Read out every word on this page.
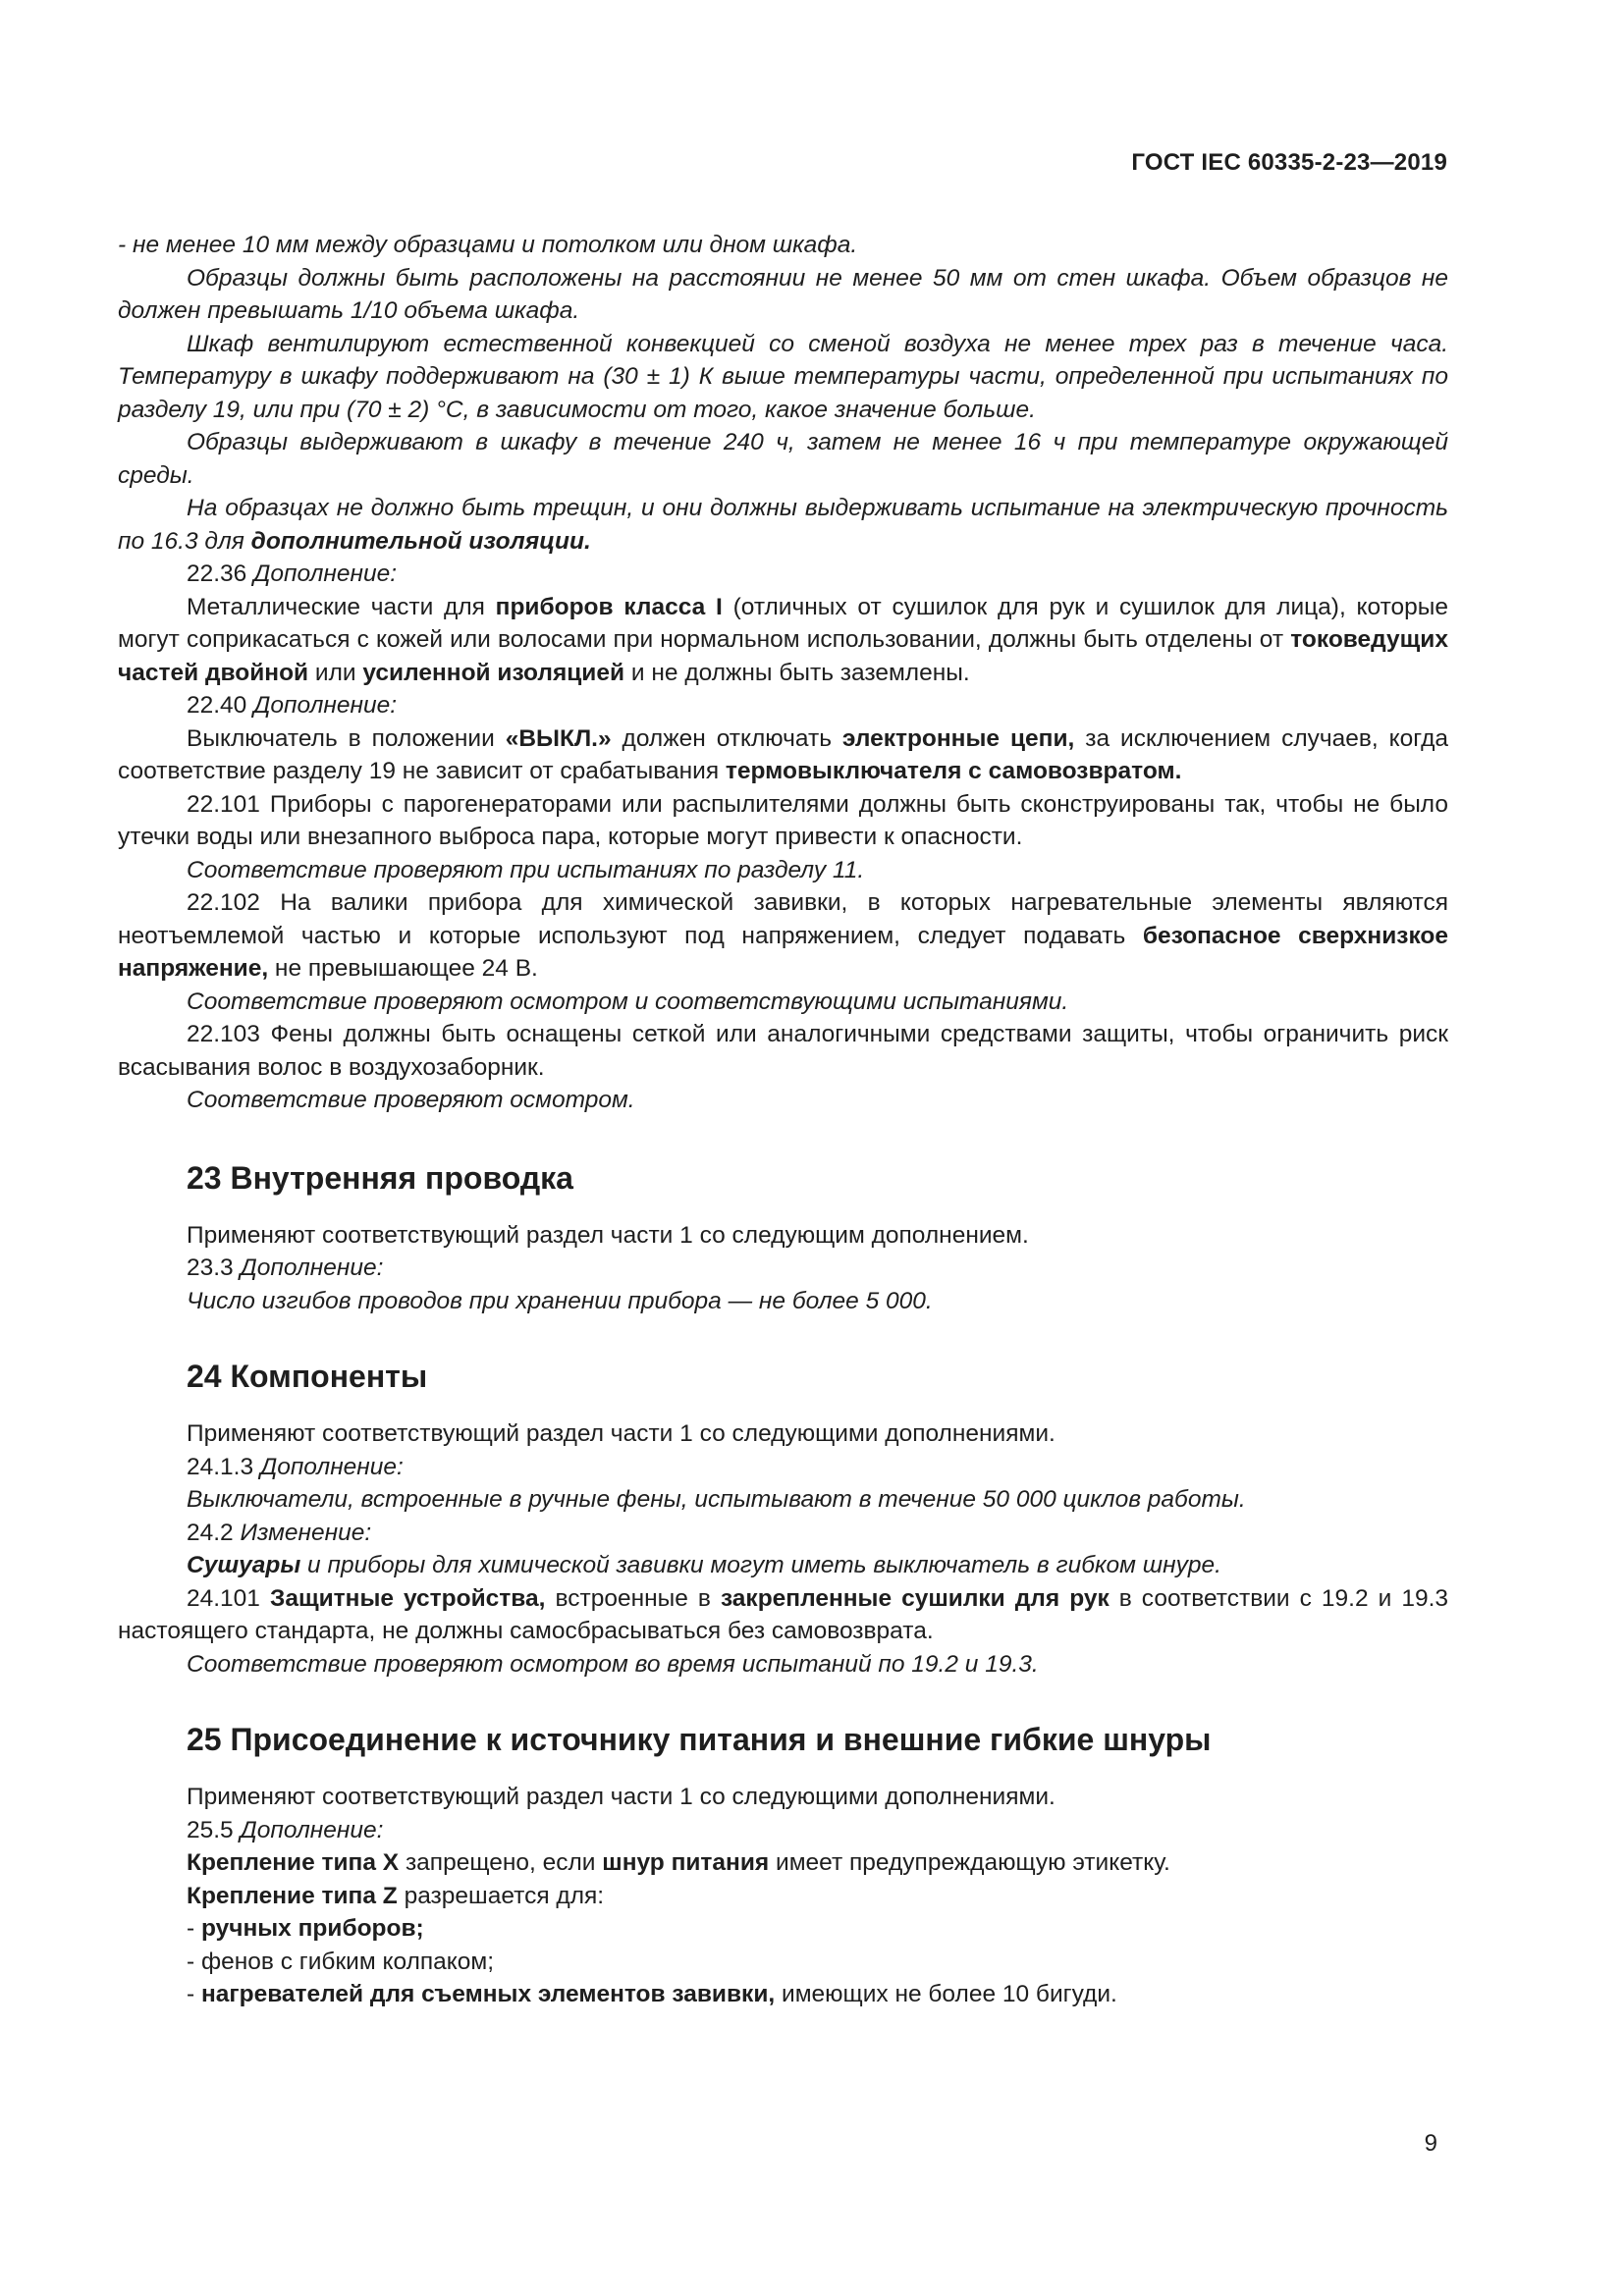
ГОСТ IEC 60335-2-23—2019

- не менее 10 мм между образцами и потолком или дном шкафа.

Образцы должны быть расположены на расстоянии не менее 50 мм от стен шкафа. Объем образцов не должен превышать 1/10 объема шкафа.

Шкаф вентилируют естественной конвекцией со сменой воздуха не менее трех раз в течение часа. Температуру в шкафу поддерживают на (30 ± 1) К выше температуры части, определенной при испытаниях по разделу 19, или при (70 ± 2) °С, в зависимости от того, какое значение больше.

Образцы выдерживают в шкафу в течение 240 ч, затем не менее 16 ч при температуре окружающей среды.

На образцах не должно быть трещин, и они должны выдерживать испытание на электрическую прочность по 16.3 для дополнительной изоляции.

22.36 Дополнение:

Металлические части для приборов класса I (отличных от сушилок для рук и сушилок для лица), которые могут соприкасаться с кожей или волосами при нормальном использовании, должны быть отделены от токоведущих частей двойной или усиленной изоляцией и не должны быть заземлены.

22.40 Дополнение:

Выключатель в положении «ВЫКЛ.» должен отключать электронные цепи, за исключением случаев, когда соответствие разделу 19 не зависит от срабатывания термовыключателя с самовозвратом.

22.101 Приборы с парогенераторами или распылителями должны быть сконструированы так, чтобы не было утечки воды или внезапного выброса пара, которые могут привести к опасности.

Соответствие проверяют при испытаниях по разделу 11.

22.102 На валики прибора для химической завивки, в которых нагревательные элементы являются неотъемлемой частью и которые используют под напряжением, следует подавать безопасное сверхнизкое напряжение, не превышающее 24 В.

Соответствие проверяют осмотром и соответствующими испытаниями.

22.103 Фены должны быть оснащены сеткой или аналогичными средствами защиты, чтобы ограничить риск всасывания волос в воздухозаборник.

Соответствие проверяют осмотром.

23 Внутренняя проводка

Применяют соответствующий раздел части 1 со следующим дополнением.

23.3 Дополнение:

Число изгибов проводов при хранении прибора — не более 5 000.

24 Компоненты

Применяют соответствующий раздел части 1 со следующими дополнениями.

24.1.3 Дополнение:

Выключатели, встроенные в ручные фены, испытывают в течение 50 000 циклов работы.

24.2 Изменение:

Сушуары и приборы для химической завивки могут иметь выключатель в гибком шнуре.

24.101 Защитные устройства, встроенные в закрепленные сушилки для рук в соответствии с 19.2 и 19.3 настоящего стандарта, не должны самосбрасываться без самовозврата.

Соответствие проверяют осмотром во время испытаний по 19.2 и 19.3.

25 Присоединение к источнику питания и внешние гибкие шнуры

Применяют соответствующий раздел части 1 со следующими дополнениями.

25.5 Дополнение:

Крепление типа X запрещено, если шнур питания имеет предупреждающую этикетку.

Крепление типа Z разрешается для:

- ручных приборов;

- фенов с гибким колпаком;

- нагревателей для съемных элементов завивки, имеющих не более 10 бигуди.

9
